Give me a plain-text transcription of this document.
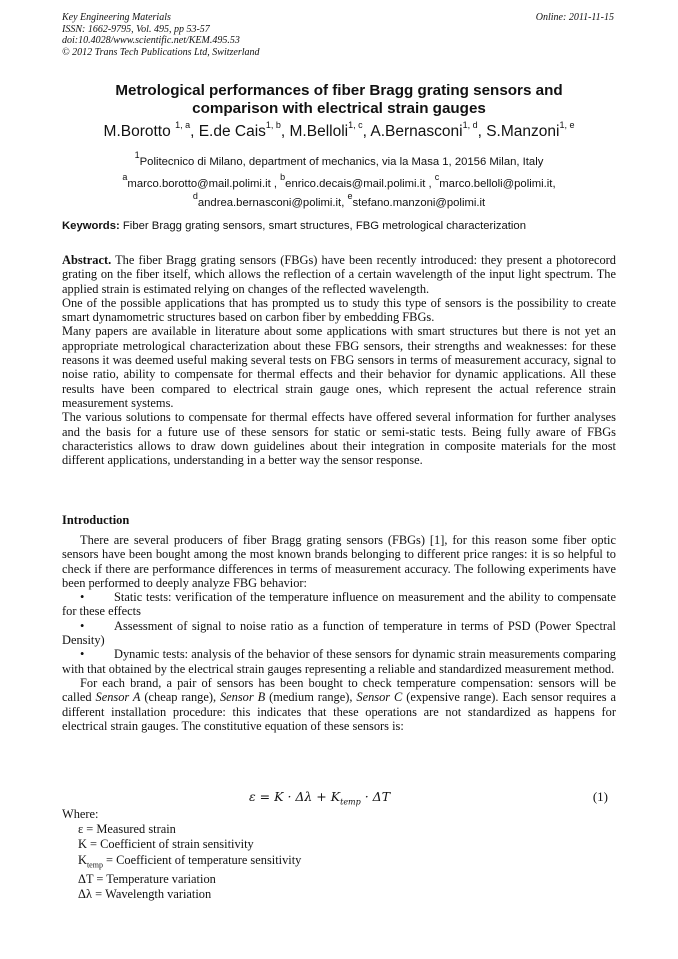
Key Engineering Materials
ISSN: 1662-9795, Vol. 495, pp 53-57
doi:10.4028/www.scientific.net/KEM.495.53
© 2012 Trans Tech Publications Ltd, Switzerland
Online: 2011-11-15
Metrological performances of fiber Bragg grating sensors and
comparison with electrical strain gauges
M.Borotto $^{1, a}$, E.de Cais$^{1, b}$, M.Belloli$^{1, c}$, A.Bernasconi$^{1, d}$, S.Manzoni$^{1, e}$
$^1$Politecnico di Milano, department of mechanics, via la Masa 1, 20156 Milan, Italy
$^a$marco.borotto@mail.polimi.it , $^b$enrico.decais@mail.polimi.it , $^c$marco.belloli@polimi.it,
$^d$andrea.bernasconi@polimi.it, $^e$stefano.manzoni@polimi.it
Keywords: Fiber Bragg grating sensors, smart structures, FBG metrological characterization

Abstract. The fiber Bragg grating sensors (FBGs) have been recently introduced: they present a photorecord grating on the fiber itself, which allows the reflection of a certain wavelength of the input light spectrum. The applied strain is estimated relying on changes of the reflected wavelength.

One of the possible applications that has prompted us to study this type of sensors is the possibility to create smart dynamometric structures based on carbon fiber by embedding FBGs.

Many papers are available in literature about some applications with smart structures but there is not yet an appropriate metrological characterization about these FBG sensors, their strengths and weaknesses: for these reasons it was deemed useful making several tests on FBG sensors in terms of measurement accuracy, signal to noise ratio, ability to compensate for thermal effects and their behavior for dynamic applications. All these results have been compared to electrical strain gauge ones, which represent the actual reference strain measurement systems.

The various solutions to compensate for thermal effects have offered several information for further analyses and the basis for a future use of these sensors for static or semi-static tests. Being fully aware of FBGs characteristics allows to draw down guidelines about their integration in composite materials for the most different applications, understanding in a better way the sensor response.

Introduction

There are several producers of fiber Bragg grating sensors (FBGs) [1], for this reason some fiber optic sensors have been bought among the most known brands belonging to different price ranges: it is so helpful to check if there are performance differences in terms of measurement accuracy. The following experiments have been performed to deeply analyze FBG behavior:

• Static tests: verification of the temperature influence on measurement and the ability to compensate for these effects

• Assessment of signal to noise ratio as a function of temperature in terms of PSD (Power Spectral Density)

• Dynamic tests: analysis of the behavior of these sensors for dynamic strain measurements comparing with that obtained by the electrical strain gauges representing a reliable and standardized measurement method.

For each brand, a pair of sensors has been bought to check temperature compensation: sensors will be called Sensor A (cheap range), Sensor B (medium range), Sensor C (expensive range). Each sensor requires a different installation procedure: this indicates that these operations are not standardized as happens for electrical strain gauges. The constitutive equation of these sensors is:

$\varepsilon = K \cdot \Delta\lambda + K_{temp} \cdot \Delta T$	(1)
Where:
ε = Measured strain
K = Coefficient of strain sensitivity
$K_{temp}$ = Coefficient of temperature sensitivity
ΔT = Temperature variation
Δλ = Wavelength variation
